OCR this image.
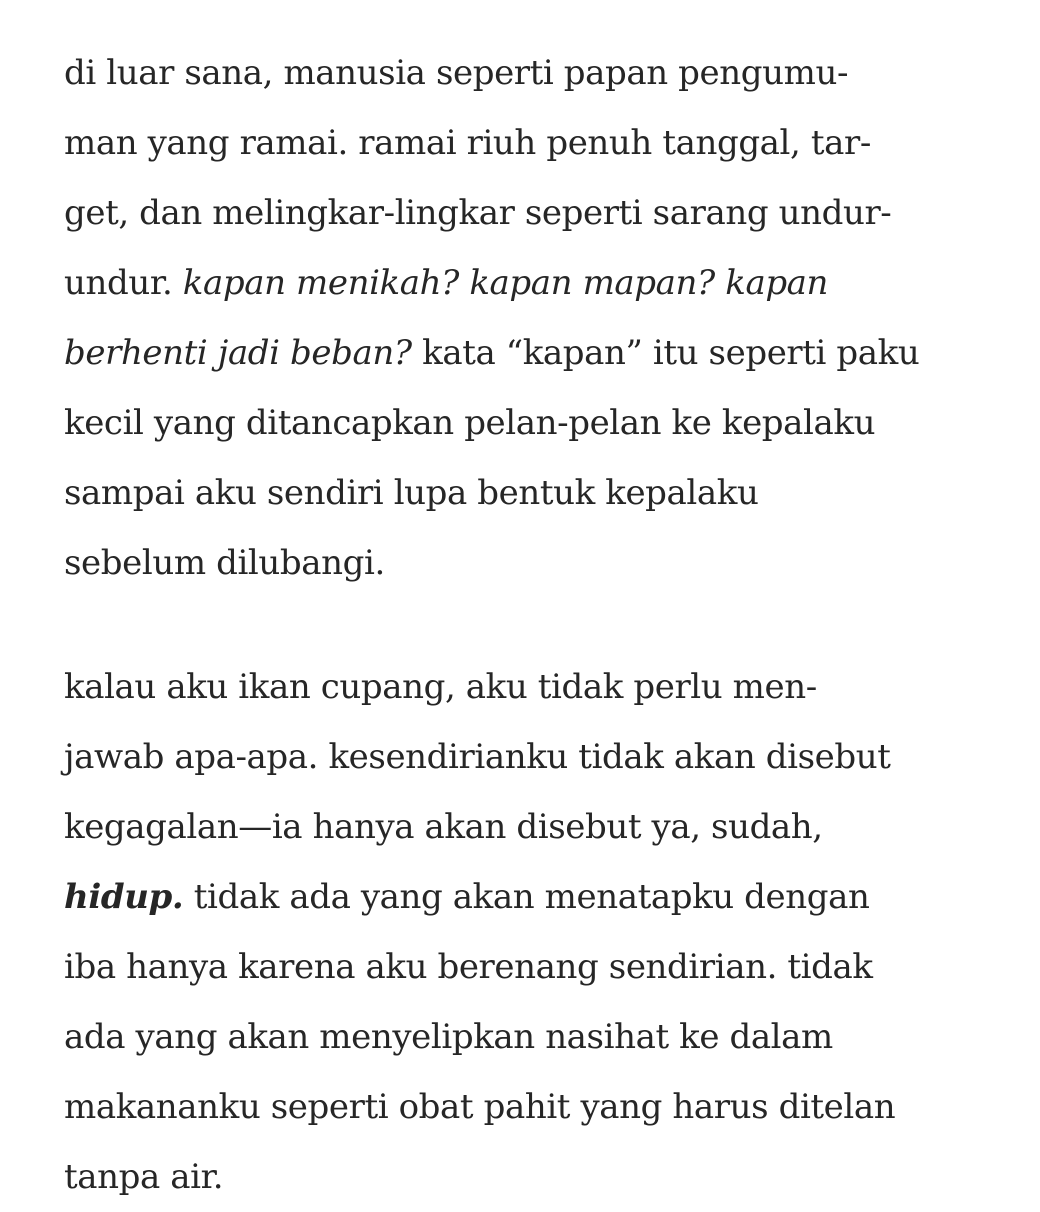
di luar sana, manusia seperti papan pengumu-
man yang ramai. ramai riuh penuh tanggal, tar-
get, dan melingkar-lingkar seperti sarang undur-
undur. kapan menikah? kapan mapan? kapan
berhenti jadi beban? kata “kapan” itu seperti paku
kecil yang ditancapkan pelan-pelan ke kepalaku
sampai aku sendiri lupa bentuk kepalaku
sebelum dilubangi.

kalau aku ikan cupang, aku tidak perlu men-
jawab apa-apa. kesendirianku tidak akan disebut
kegagalan—ia hanya akan disebut ya, sudah,
hidup. tidak ada yang akan menatapku dengan
iba hanya karena aku berenang sendirian. tidak
ada yang akan menyelipkan nasihat ke dalam
makananku seperti obat pahit yang harus ditelan
tanpa air.
